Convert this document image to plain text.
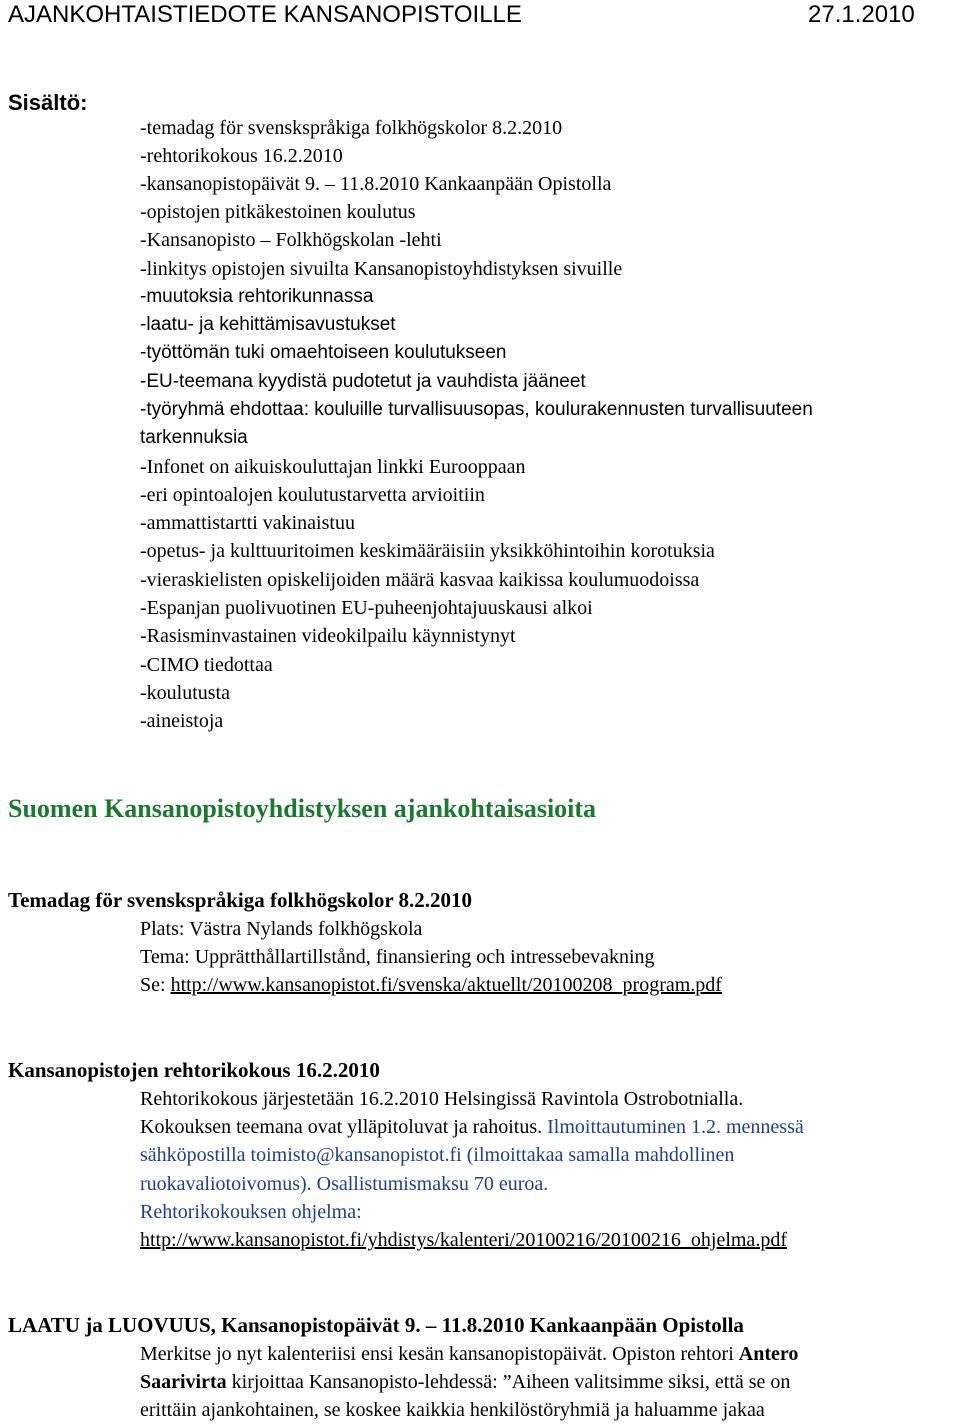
AJANKOHTAISTIEDOTE KANSANOPISTOILLE	27.1.2010
Sisältö:
-temadag för svenskspråkiga folkhögskolor 8.2.2010
-rehtorikokous 16.2.2010
-kansanopistopäivät 9. – 11.8.2010 Kankaanpään Opistolla
-opistojen pitkäkestoinen koulutus
-Kansanopisto – Folkhögskolan -lehti
-linkitys opistojen sivuilta Kansanopistoyhdistyksen sivuille
-muutoksia rehtorikunnassa
-laatu- ja kehittämisavustukset
-työttömän tuki omaehtoiseen koulutukseen
-EU-teemana kyydistä pudotetut ja vauhdista jääneet
-työryhmä ehdottaa: kouluille turvallisuusopas, koulurakennusten turvallisuuteen
tarkennuksia
-Infonet on aikuiskouluttajan linkki Eurooppaan
-eri opintoalojen koulutustarvetta arvioitiin
-ammattistartti vakinaistuu
-opetus- ja kulttuuritoimen keskimääräisiin yksikköhintoihin korotuksia
-vieraskielisten opiskelijoiden määrä kasvaa kaikissa koulumuodoissa
-Espanjan puolivuotinen EU-puheenjohtajuuskausi alkoi
-Rasisminvastainen videokilpailu käynnistynyt
-CIMO tiedottaa
-koulutusta
-aineistoja
Suomen Kansanopistoyhdistyksen ajankohtaisasioita
Temadag för svenskspråkiga folkhögskolor 8.2.2010
Plats: Västra Nylands folkhögskola
Tema: Upprätthållartillstånd, finansiering och intressebevakning
Se: http://www.kansanopistot.fi/svenska/aktuellt/20100208_program.pdf
Kansanopistojen rehtorikokous 16.2.2010
Rehtorikokous järjestetään 16.2.2010 Helsingissä Ravintola Ostrobotnialla.
Kokouksen teemana ovat ylläpitoluvat ja rahoitus. Ilmoittautuminen 1.2. mennessä
sähköpostilla toimisto@kansanopistot.fi (ilmoittakaa samalla mahdollinen
ruokavaliotoivomus). Osallistumismaksu 70 euroa.
Rehtorikokouksen ohjelma:
http://www.kansanopistot.fi/yhdistys/kalenteri/20100216/20100216_ohjelma.pdf
LAATU ja LUOVUUS, Kansanopistopäivät 9. – 11.8.2010 Kankaanpään Opistolla
Merkitse jo nyt kalenteriisi ensi kesän kansanopistopäivät. Opiston rehtori Antero
Saarivirta kirjoittaa Kansanopisto-lehdessä: ”Aiheen valitsimme siksi, että se on
erittäin ajankohtainen, se koskee kaikkia henkilöstöryhmiä ja haluamme jakaa
